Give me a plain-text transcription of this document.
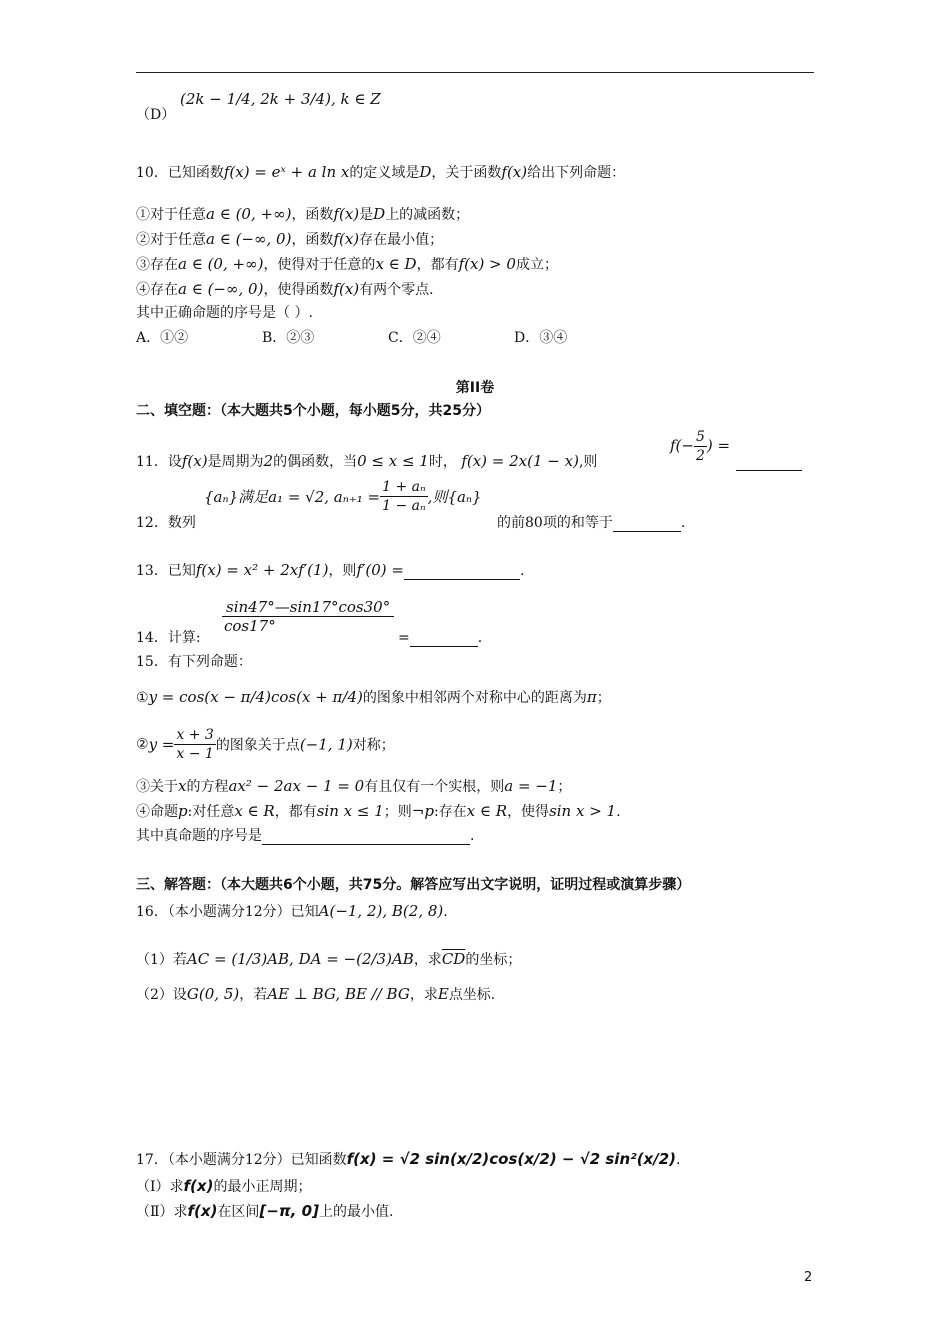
(2k − 1/4, 2k + 3/4), k ∈ Z
（D）
10．已知函数f(x) = eˣ + a ln x的定义域是D，关于函数f(x)给出下列命题：
①对于任意a ∈ (0, +∞)，函数f(x)是D上的减函数；
②对于任意a ∈ (−∞, 0)，函数f(x)存在最小值；
③存在a ∈ (0, +∞)，使得对于任意的x ∈ D，都有f(x) > 0成立；
④存在a ∈ (−∞, 0)，使得函数f(x)有两个零点.
其中正确命题的序号是（ ）.
A．①②	B．②③	C．②④	D．③④
第II卷
二、填空题：（本大题共5个小题，每小题5分，共25分）
11．设f(x)是周期为2的偶函数，当0 ≤ x ≤ 1时， f(x) = 2x(1 − x),则
$f(- \frac{5}{2}$ ) =
{aₙ}满足a₁ = √2, $a_{n+1} = \frac{\text{1 + aₙ}}{\text{1 − aₙ}}$ ,则{aₙ}
12．数列	的前80项的和等于	.
13．已知f(x) = x² + 2xf′(1)，则f′(0) =	.
$\frac{\sin 47^\circ—\sin 17^\circ\cos 30^\circ}{\cos 17^\circ}$
14．计算:	=	.
15．有下列命题：
①y = cos(x − π/4)cos(x + π/4)的图象中相邻两个对称中心的距离为π；
②y = $\frac{x + 3}{x - 1}$ 的图象关于点(−1, 1)对称；
③关于x的方程ax² − 2ax − 1 = 0有且仅有一个实根，则a = −1；
④命题p:对任意x ∈ R，都有sin x ≤ 1；则¬p:存在x ∈ R，使得sin x > 1.
其中真命题的序号是	.
三、解答题：（本大题共6个小题，共75分。解答应写出文字说明，证明过程或演算步骤）
16．（本小题满分12分）已知A(−1, 2), B(2, 8).
（1）若AC = (1/3)AB, DA = −(2/3)AB，求$\overline{CD}$的坐标；
（2）设G(0, 5)，若AE ⊥ BG, BE // BG，求E点坐标.
17．（本小题满分12分）已知函数f(x) = √2 sin(x/2)cos(x/2) − √2 sin²(x/2).
（Ⅰ）求f(x)的最小正周期；
（Ⅱ）求f(x)在区间[−π, 0]上的最小值.
2
